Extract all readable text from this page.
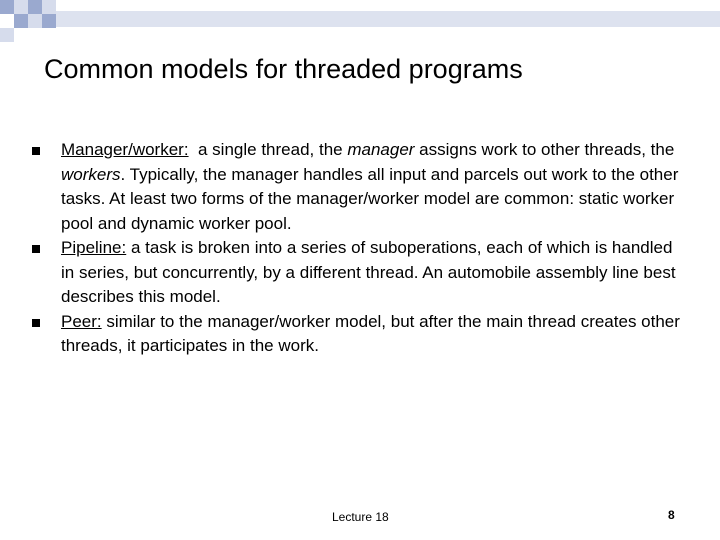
Common models for threaded programs
Manager/worker:  a single thread, the manager assigns work to other threads, the workers. Typically, the manager handles all input and parcels out work to the other tasks. At least two forms of the manager/worker model are common: static worker pool and dynamic worker pool.
Pipeline: a task is broken into a series of suboperations, each of which is handled in series, but concurrently, by a different thread. An automobile assembly line best describes this model.
Peer: similar to the manager/worker model, but after the main thread creates other threads, it participates in the work.
Lecture 18	8
